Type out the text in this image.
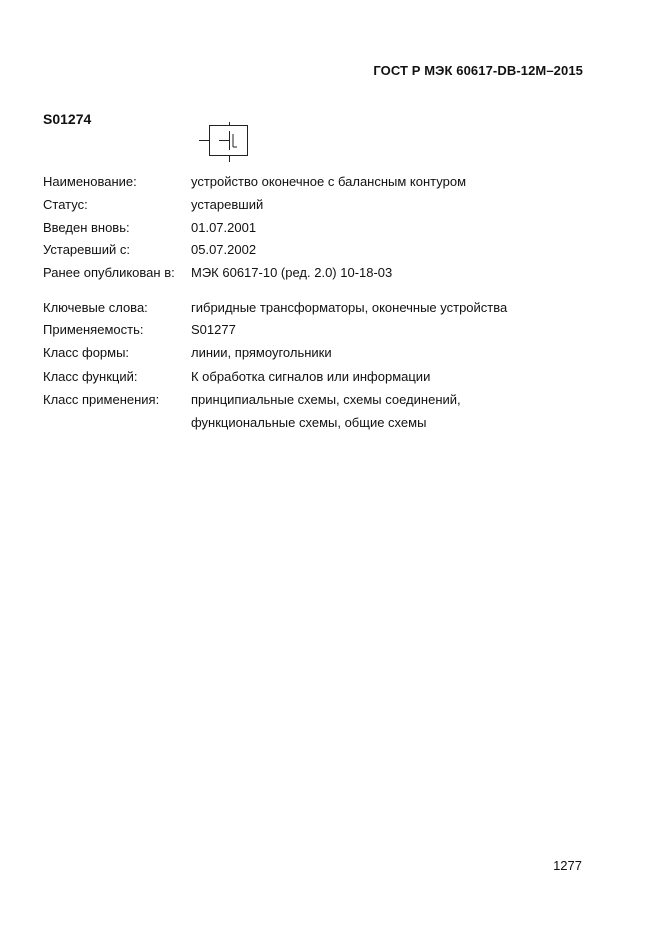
ГОСТ Р МЭК 60617-DB-12M–2015
S01274
Наименование:	устройство оконечное с балансным контуром
Статус:	устаревший
Введен вновь:	01.07.2001
Устаревший с:	05.07.2002
Ранее опубликован в: МЭК 60617-10 (ред. 2.0) 10-18-03
Ключевые слова:	гибридные трансформаторы, оконечные устройства
Применяемость:	S01277
Класс формы:	линии, прямоугольники
Класс функций:	К обработка сигналов или информации
Класс применения: принципиальные схемы, схемы соединений,
функциональные схемы, общие схемы
1277
